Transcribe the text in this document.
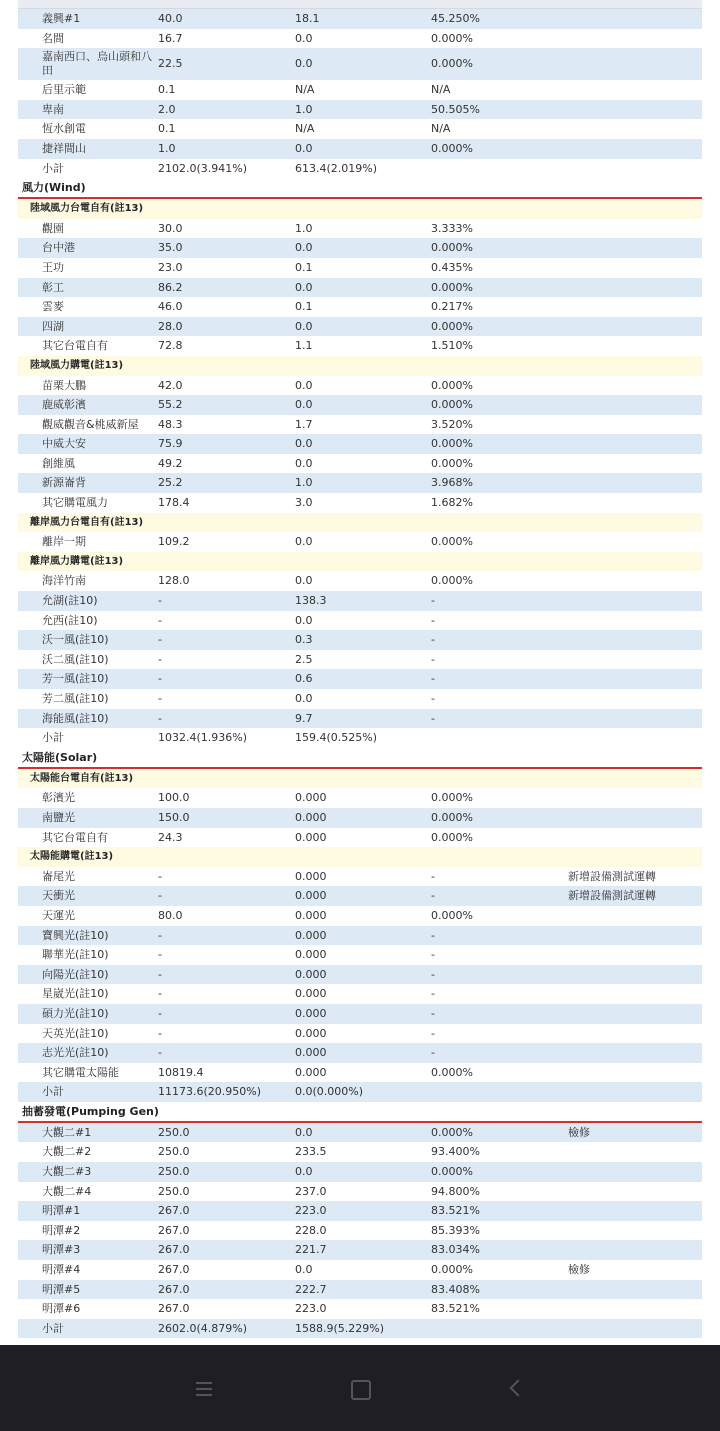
義興#1	40.0	18.1	45.250%
名間	16.7	0.0	0.000%
嘉南西口、烏山頭和八田
22.5	0.0	0.000%
后里示範	0.1	N/A	N/A
卑南	2.0	1.0	50.505%
恆水創電	0.1	N/A	N/A
捷祥間山	1.0	0.0	0.000%
小計	2102.0(3.941%)	613.4(2.019%)
風力(Wind)
陸域風力台電自有(註13)
觀園	30.0	1.0	3.333%
台中港	35.0	0.0	0.000%
王功	23.0	0.1	0.435%
彰工	86.2	0.0	0.000%
雲麥	46.0	0.1	0.217%
四湖	28.0	0.0	0.000%
其它台電自有	72.8	1.1	1.510%
陸域風力購電(註13)
苗栗大鵬	42.0	0.0	0.000%
鹿威彰濱	55.2	0.0	0.000%
觀威觀音&桃威新屋 48.3	1.7	3.520%
中威大安	75.9	0.0	0.000%
創維風	49.2	0.0	0.000%
新源崙背	25.2	1.0	3.968%
其它購電風力	178.4	3.0	1.682%
離岸風力台電自有(註13)
離岸一期	109.2	0.0	0.000%
離岸風力購電(註13)
海洋竹南	128.0	0.0	0.000%
允湖(註10)	-	138.3	-
允西(註10)	-	0.0	-
沃一風(註10)	-	0.3	-
沃二風(註10)	-	2.5	-
芳一風(註10)	-	0.6	-
芳二風(註10)	-	0.0	-
海能風(註10)	-	9.7	-
小計	1032.4(1.936%)	159.4(0.525%)
太陽能(Solar)
太陽能台電自有(註13)
彰濱光	100.0	0.000	0.000%
南鹽光	150.0	0.000	0.000%
其它台電自有	24.3	0.000	0.000%
太陽能購電(註13)
崙尾光	-	0.000	-	新增設備測試運轉
天衝光	-	0.000	-	新增設備測試運轉
天運光	80.0	0.000	0.000%
寶興光(註10)	-	0.000	-
聯華光(註10)	-	0.000	-
向陽光(註10)	-	0.000	-
星崴光(註10)	-	0.000	-
碩力光(註10)	-	0.000	-
天英光(註10)	-	0.000	-
志光光(註10)	-	0.000	-
其它購電太陽能	10819.4	0.000	0.000%
小計	11173.6(20.950%)	0.0(0.000%)
抽蓄發電(Pumping Gen)
大觀二#1	250.0	0.0	0.000%	檢修
大觀二#2	250.0	233.5	93.400%
大觀二#3	250.0	0.0	0.000%
大觀二#4	250.0	237.0	94.800%
明潭#1	267.0	223.0	83.521%
明潭#2	267.0	228.0	85.393%
明潭#3	267.0	221.7	83.034%
明潭#4	267.0	0.0	0.000%	檢修
明潭#5	267.0	222.7	83.408%
明潭#6	267.0	223.0	83.521%
小計	2602.0(4.879%)	1588.9(5.229%)
